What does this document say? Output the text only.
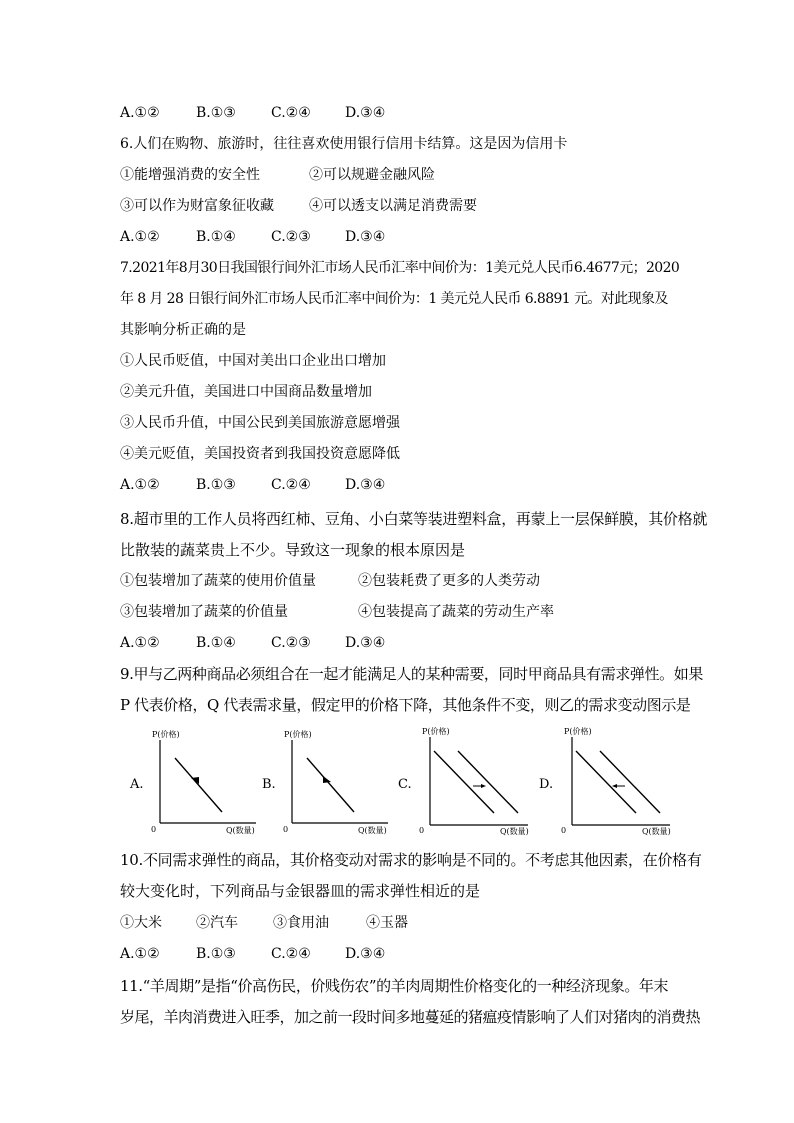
A.①②	B.①③	C.②④ D.③④
6.人们在购物、旅游时，往往喜欢使用银行信用卡结算。这是因为信用卡
①能增强消费的安全性	②可以规避金融风险
③可以作为财富象征收藏	④可以透支以满足消费需要
A.①②	B.①④	C.②③ D.③④
7.2021年8月30日我国银行间外汇市场人民币汇率中间价为：1美元兑人民币6.4677元；2020
年 8 月 28 日银行间外汇市场人民币汇率中间价为：1 美元兑人民币 6.8891 元。对此现象及
其影响分析正确的是
①人民币贬值，中国对美出口企业出口增加
②美元升值，美国进口中国商品数量增加
③人民币升值，中国公民到美国旅游意愿增强
④美元贬值，美国投资者到我国投资意愿降低
A.①②	B.①③	C.②④ D.③④
8.超市里的工作人员将西红柿、豆角、小白菜等装进塑料盒，再蒙上一层保鲜膜，其价格就
比散装的蔬菜贵上不少。导致这一现象的根本原因是
①包装增加了蔬菜的使用价值量	②包装耗费了更多的人类劳动
③包装增加了蔬菜的价值量	④包装提高了蔬菜的劳动生产率
A.①②	B.①④	C.②③ D.③④
9.甲与乙两种商品必须组合在一起才能满足人的某种需要，同时甲商品具有需求弹性。如果
P 代表价格，Q 代表需求量，假定甲的价格下降，其他条件不变，则乙的需求变动图示是
A.
P(价格)
0	Q(数量)
B.
P(价格)
0	Q(数量)
C.
P(价格)
0	Q(数量)
D.
P(价格)
0	Q(数量)
10.不同需求弹性的商品，其价格变动对需求的影响是不同的。不考虑其他因素，在价格有
较大变化时，下列商品与金银器皿的需求弹性相近的是
①大米 ②汽车	③食用油	④玉器
A.①②	B.①③	C.②④ D.③④
11.“羊周期”是指“价高伤民，价贱伤农”的羊肉周期性价格变化的一种经济现象。年末
岁尾，羊肉消费进入旺季，加之前一段时间多地蔓延的猪瘟疫情影响了人们对猪肉的消费热
